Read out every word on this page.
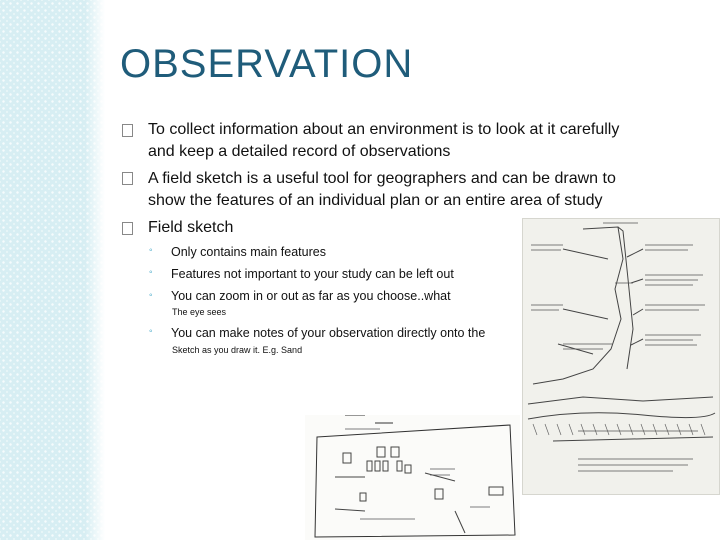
OBSERVATION
To collect information about an environment is to look at it carefully
and keep a detailed record of observations
A field sketch is a useful tool for geographers and can be drawn to
show the features of an individual plan or an entire area of study
Field sketch
◦ Only contains main features
◦ Features not important to your study can be left out
◦ You can zoom in or out as far as you choose..what
The eye sees
◦ You can make notes of your observation directly onto the
Sketch as you draw it. E.g. Sand
